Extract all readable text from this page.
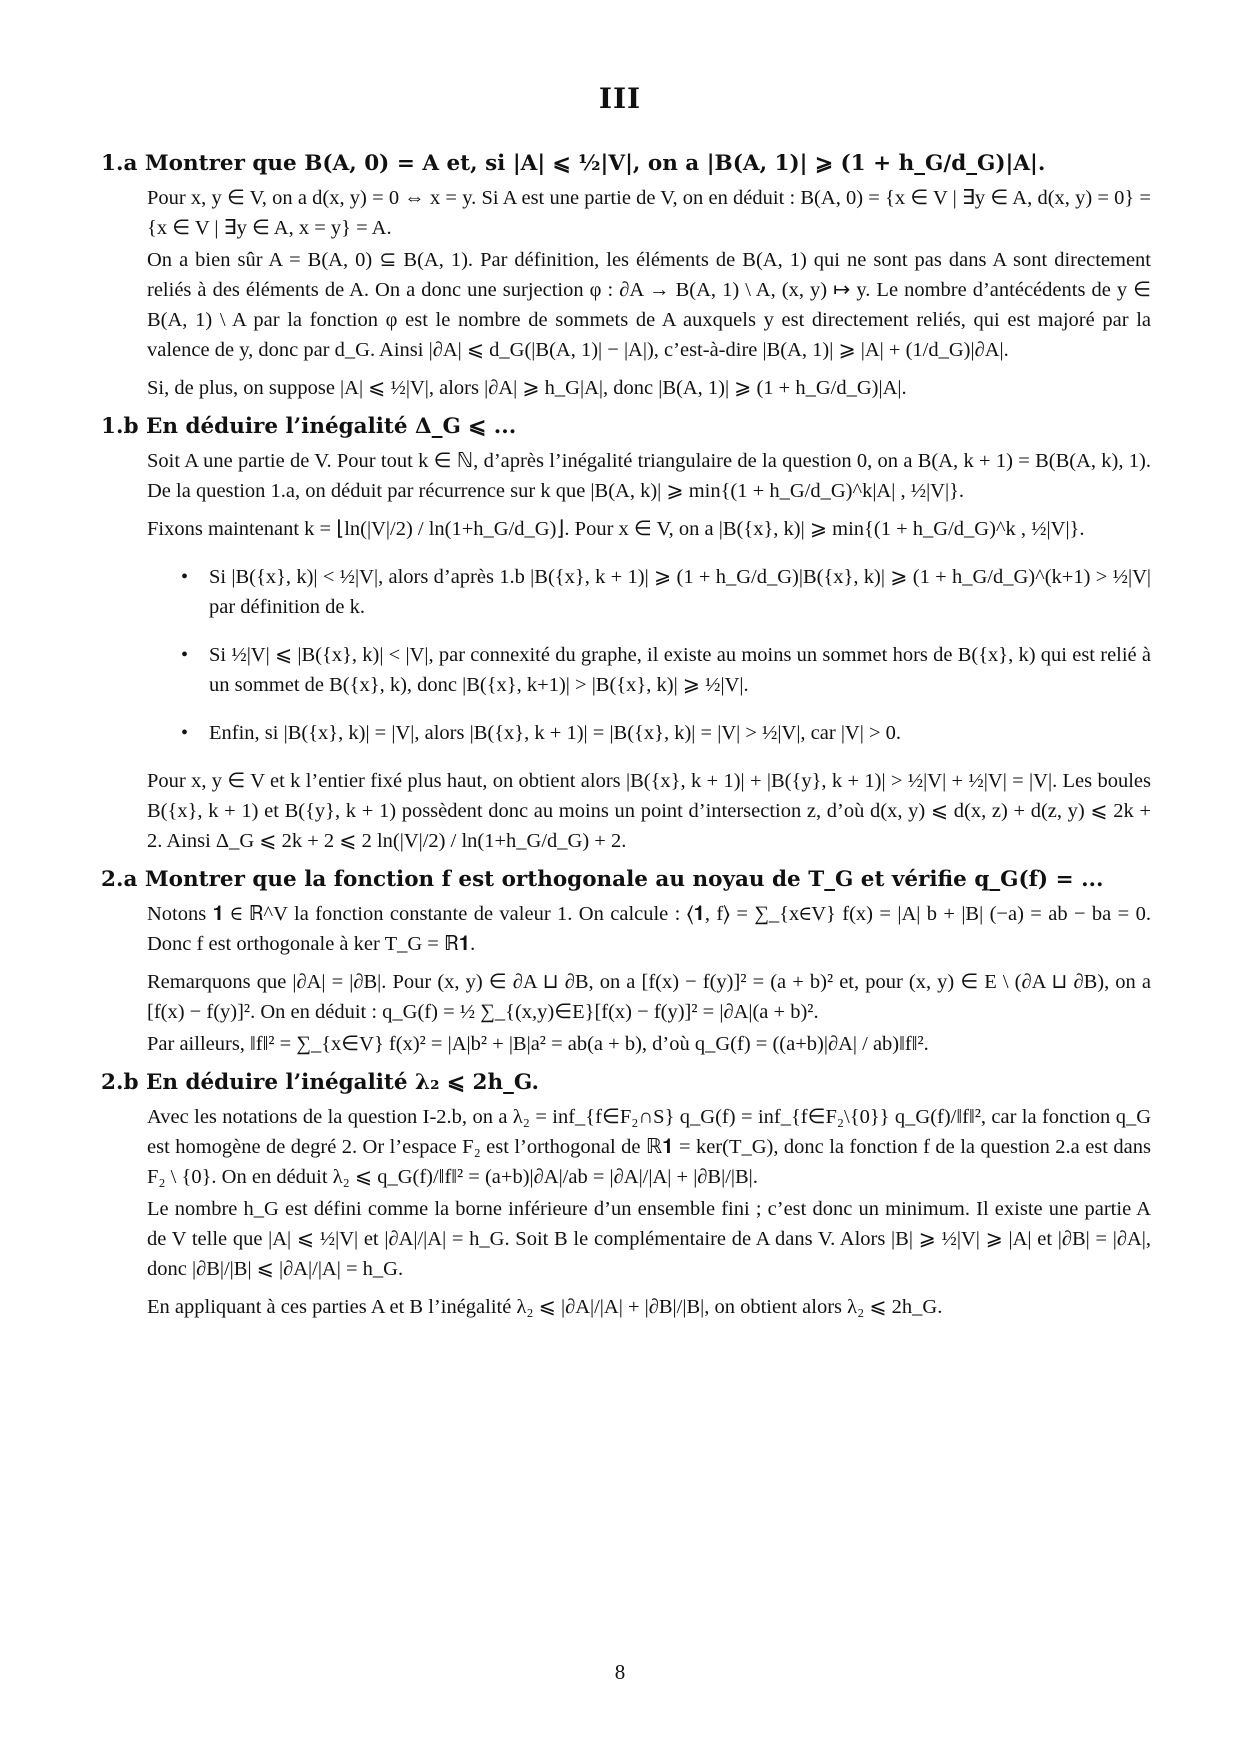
III
1.a Montrer que B(A, 0) = A et, si |A| ⩽ ½|V|, on a |B(A, 1)| ⩾ (1 + h_G/d_G)|A|.
Pour x, y ∈ V, on a d(x, y) = 0 ⇔ x = y. Si A est une partie de V, on en déduit : B(A, 0) = {x ∈ V | ∃y ∈ A, d(x, y) = 0} = {x ∈ V | ∃y ∈ A, x = y} = A.
On a bien sûr A = B(A, 0) ⊆ B(A, 1). Par définition, les éléments de B(A, 1) qui ne sont pas dans A sont directement reliés à des éléments de A. On a donc une surjection φ : ∂A → B(A, 1) \ A, (x, y) ↦ y. Le nombre d’antécédents de y ∈ B(A, 1) \ A par la fonction φ est le nombre de sommets de A auxquels y est directement reliés, qui est majoré par la valence de y, donc par d_G. Ainsi |∂A| ⩽ d_G(|B(A, 1)| − |A|), c’est-à-dire |B(A, 1)| ⩾ |A| + (1/d_G)|∂A|.
Si, de plus, on suppose |A| ⩽ ½|V|, alors |∂A| ⩾ h_G|A|, donc |B(A, 1)| ⩾ (1 + h_G/d_G)|A|.
1.b En déduire l’inégalité Δ_G ⩽ ...
Soit A une partie de V. Pour tout k ∈ ℕ, d’après l’inégalité triangulaire de la question 0, on a B(A, k + 1) = B(B(A, k), 1). De la question 1.a, on déduit par récurrence sur k que |B(A, k)| ⩾ min{(1 + h_G/d_G)^k|A| , ½|V|}.
Fixons maintenant k = ⌊ln(|V|/2) / ln(1+h_G/d_G)⌋. Pour x ∈ V, on a |B({x}, k)| ⩾ min{(1 + h_G/d_G)^k , ½|V|}.
• Si |B({x}, k)| < ½|V|, alors d’après 1.b |B({x}, k + 1)| ⩾ (1 + h_G/d_G)|B({x}, k)| ⩾ (1 + h_G/d_G)^(k+1) > ½|V| par définition de k.
• Si ½|V| ⩽ |B({x}, k)| < |V|, par connexité du graphe, il existe au moins un sommet hors de B({x}, k) qui est relié à un sommet de B({x}, k), donc |B({x}, k+1)| > |B({x}, k)| ⩾ ½|V|.
• Enfin, si |B({x}, k)| = |V|, alors |B({x}, k + 1)| = |B({x}, k)| = |V| > ½|V|, car |V| > 0.
Pour x, y ∈ V et k l’entier fixé plus haut, on obtient alors |B({x}, k + 1)| + |B({y}, k + 1)| > ½|V| + ½|V| = |V|. Les boules B({x}, k + 1) et B({y}, k + 1) possèdent donc au moins un point d’intersection z, d’où d(x, y) ⩽ d(x, z) + d(z, y) ⩽ 2k + 2. Ainsi Δ_G ⩽ 2k + 2 ⩽ 2 ln(|V|/2) / ln(1+h_G/d_G) + 2.
2.a Montrer que la fonction f est orthogonale au noyau de T_G et vérifie q_G(f) = ...
Notons 𝟏 ∈ ℝ^V la fonction constante de valeur 1. On calcule : ⟨𝟏, f⟩ = ∑_{x∈V} f(x) = |A| b + |B| (−a) = ab − ba = 0. Donc f est orthogonale à ker T_G = ℝ𝟏.
Remarquons que |∂A| = |∂B|. Pour (x, y) ∈ ∂A ⊔ ∂B, on a [f(x) − f(y)]² = (a + b)² et, pour (x, y) ∈ E \ (∂A ⊔ ∂B), on a [f(x) − f(y)]². On en déduit : q_G(f) = ½ ∑_{(x,y)∈E}[f(x) − f(y)]² = |∂A|(a + b)².
Par ailleurs, ‖f‖² = ∑_{x∈V} f(x)² = |A|b² + |B|a² = ab(a + b), d’où q_G(f) = ((a+b)|∂A| / ab)‖f‖².
2.b En déduire l’inégalité λ₂ ⩽ 2h_G.
Avec les notations de la question I-2.b, on a λ₂ = inf_{f∈F₂∩S} q_G(f) = inf_{f∈F₂\{0}} q_G(f)/‖f‖², car la fonction q_G est homogène de degré 2. Or l’espace F₂ est l’orthogonal de ℝ𝟏 = ker(T_G), donc la fonction f de la question 2.a est dans F₂ \ {0}. On en déduit λ₂ ⩽ q_G(f)/‖f‖² = (a+b)|∂A|/ab = |∂A|/|A| + |∂B|/|B|.
Le nombre h_G est défini comme la borne inférieure d’un ensemble fini ; c’est donc un minimum. Il existe une partie A de V telle que |A| ⩽ ½|V| et |∂A|/|A| = h_G. Soit B le complémentaire de A dans V. Alors |B| ⩾ ½|V| ⩾ |A| et |∂B| = |∂A|, donc |∂B|/|B| ⩽ |∂A|/|A| = h_G.
En appliquant à ces parties A et B l’inégalité λ₂ ⩽ |∂A|/|A| + |∂B|/|B|, on obtient alors λ₂ ⩽ 2h_G.
8
